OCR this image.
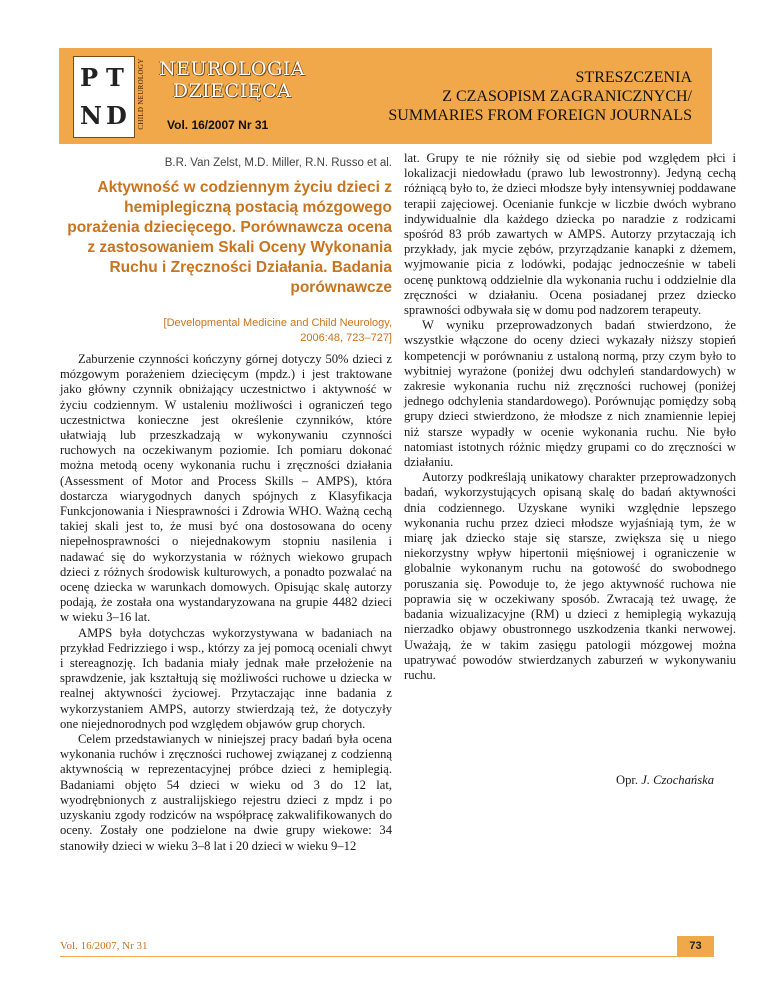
P T
N D CHILD NEUROLOGY NEUROLOGIA
DZIECIĘCA
Vol. 16/2007 Nr 31
STRESZCZENIA
Z CZASOPISM ZAGRANICZNYCH/
SUMMARIES FROM FOREIGN JOURNALS
B.R. Van Zelst, M.D. Miller, R.N. Russo et al.
Aktywność w codziennym życiu dzieci z hemiplegiczną postacią mózgowego porażenia dziecięcego. Porównawcza ocena z zastosowaniem Skali Oceny Wykonania Ruchu i Zręczności Działania. Badania porównawcze
[Developmental Medicine and Child Neurology,
2006:48, 723–727]

Zaburzenie czynności kończyny górnej dotyczy 50% dzieci z mózgowym porażeniem dziecięcym (mpdz.) i jest traktowane jako główny czynnik obniżający uczestnictwo i aktywność w życiu codziennym. W ustaleniu możliwości i ograniczeń tego uczestnictwa konieczne jest określenie czynników, które ułatwiają lub przeszkadzają w wykonywaniu czynności ruchowych na oczekiwanym poziomie. Ich pomiaru dokonać można metodą oceny wykonania ruchu i zręczności działania (Assessment of Motor and Process Skills – AMPS), która dostarcza wiarygodnych danych spójnych z Klasyfikacja Funkcjonowania i Niesprawności i Zdrowia WHO. Ważną cechą takiej skali jest to, że musi być ona dostosowana do oceny niepełnosprawności o niejednakowym stopniu nasilenia i nadawać się do wykorzystania w różnych wiekowo grupach dzieci z różnych środowisk kulturowych, a ponadto pozwalać na ocenę dziecka w warunkach domowych. Opisując skalę autorzy podają, że została ona wystandaryzowana na grupie 4482 dzieci w wieku 3–16 lat.

AMPS była dotychczas wykorzystywana w badaniach na przykład Fedrizziego i wsp., którzy za jej pomocą oceniali chwyt i stereagnozję. Ich badania miały jednak małe przełożenie na sprawdzenie, jak kształtują się możliwości ruchowe u dziecka w realnej aktywności życiowej. Przytaczając inne badania z wykorzystaniem AMPS, autorzy stwierdzają też, że dotyczyły one niejednorodnych pod względem objawów grup chorych.

Celem przedstawianych w niniejszej pracy badań była ocena wykonania ruchów i zręczności ruchowej związanej z codzienną aktywnością w reprezentacyjnej próbce dzieci z hemiplegią. Badaniami objęto 54 dzieci w wieku od 3 do 12 lat, wyodrębnionych z australijskiego rejestru dzieci z mpdz i po uzyskaniu zgody rodziców na współpracę zakwalifikowanych do oceny. Zostały one podzielone na dwie grupy wiekowe: 34 stanowiły dzieci w wieku 3–8 lat i 20 dzieci w wieku 9–12

lat. Grupy te nie różniły się od siebie pod względem płci i lokalizacji niedowładu (prawo lub lewostronny). Jedyną cechą różniącą było to, że dzieci młodsze były intensywniej poddawane terapii zajęciowej. Ocenianie funkcje w liczbie dwóch wybrano indywidualnie dla każdego dziecka po naradzie z rodzicami spośród 83 prób zawartych w AMPS. Autorzy przytaczają ich przykłady, jak mycie zębów, przyrządzanie kanapki z dżemem, wyjmowanie picia z lodówki, podając jednocześnie w tabeli ocenę punktową oddzielnie dla wykonania ruchu i oddzielnie dla zręczności w działaniu. Ocena posiadanej przez dziecko sprawności odbywała się w domu pod nadzorem terapeuty.

W wyniku przeprowadzonych badań stwierdzono, że wszystkie włączone do oceny dzieci wykazały niższy stopień kompetencji w porównaniu z ustaloną normą, przy czym było to wybitniej wyrażone (poniżej dwu odchyleń standardowych) w zakresie wykonania ruchu niż zręczności ruchowej (poniżej jednego odchylenia standardowego). Porównując pomiędzy sobą grupy dzieci stwierdzono, że młodsze z nich znamiennie lepiej niż starsze wypadły w ocenie wykonania ruchu. Nie było natomiast istotnych różnic między grupami co do zręczności w działaniu.

Autorzy podkreślają unikatowy charakter przeprowadzonych badań, wykorzystujących opisaną skalę do badań aktywności dnia codziennego. Uzyskane wyniki względnie lepszego wykonania ruchu przez dzieci młodsze wyjaśniają tym, że w miarę jak dziecko staje się starsze, zwiększa się u niego niekorzystny wpływ hipertonii mięśniowej i ograniczenie w globalnie wykonanym ruchu na gotowość do swobodnego poruszania się. Powoduje to, że jego aktywność ruchowa nie poprawia się w oczekiwany sposób. Zwracają też uwagę, że badania wizualizacyjne (RM) u dzieci z hemiplegią wykazują nierzadko objawy obustronnego uszkodzenia tkanki nerwowej. Uważają, że w takim zasięgu patologii mózgowej można upatrywać powodów stwierdzanych zaburzeń w wykonywaniu ruchu.

Opr. J. Czochańska
Vol. 16/2007, Nr 31	73
